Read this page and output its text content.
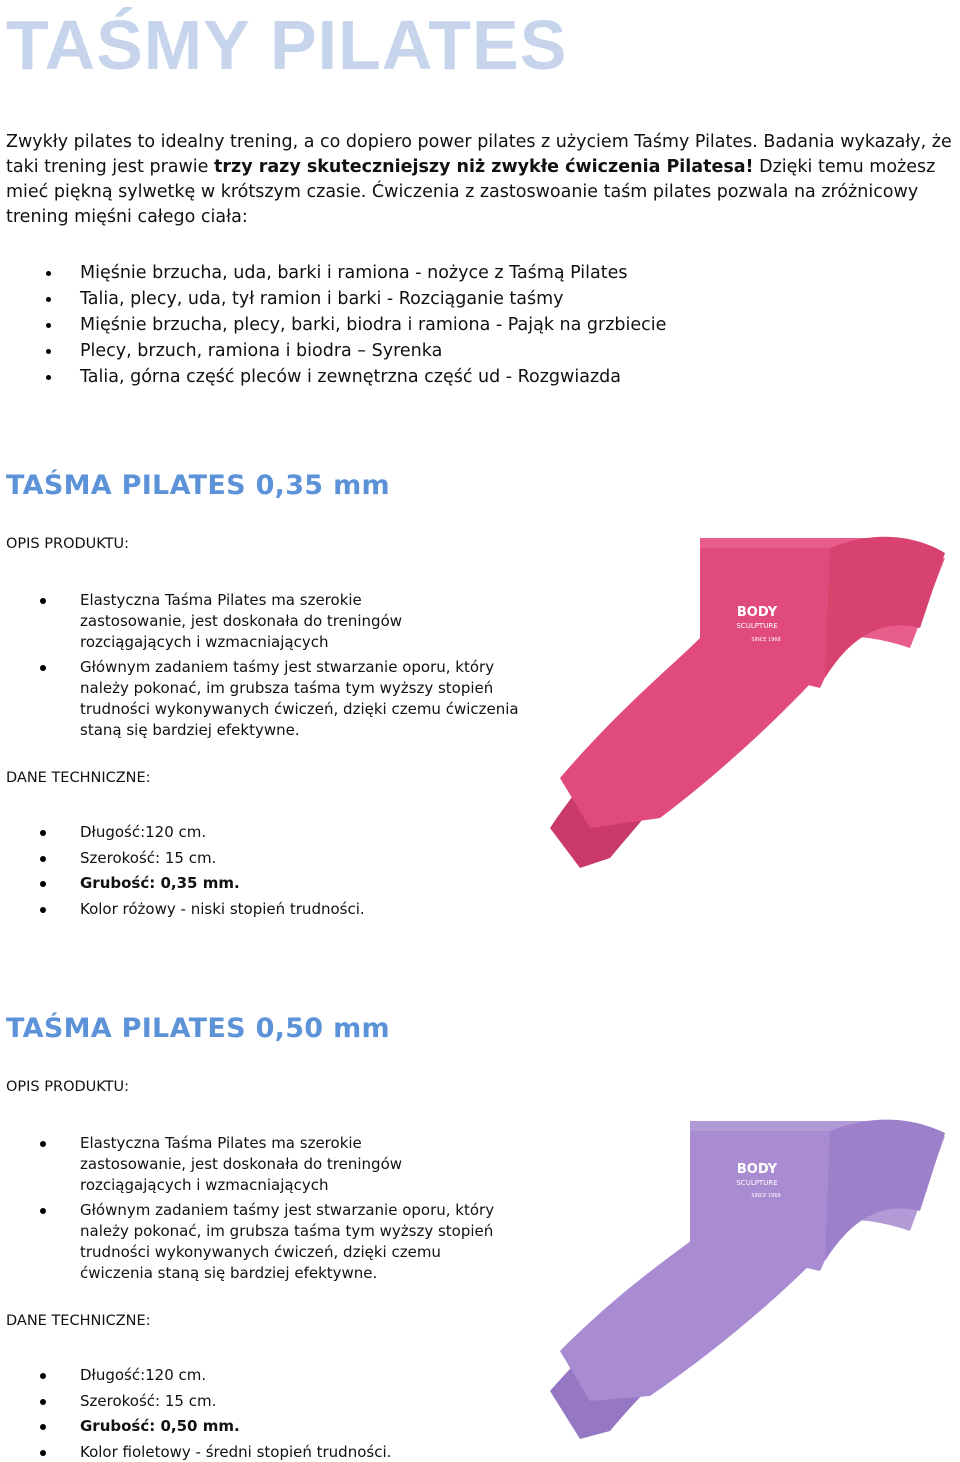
TAŚMY PILATES

Zwykły pilates to idealny trening, a co dopiero power pilates z użyciem Taśmy Pilates. Badania wykazały, że taki trening jest prawie trzy razy skuteczniejszy niż zwykłe ćwiczenia Pilatesa! Dzięki temu możesz mieć piękną sylwetkę w krótszym czasie. Ćwiczenia z zastoswoanie taśm pilates pozwala na zróżnicowy trening mięśni całego ciała:

Mięśnie brzucha, uda, barki i ramiona - nożyce z Taśmą Pilates
Talia, plecy, uda, tył ramion i barki - Rozciąganie taśmy
Mięśnie brzucha, plecy, barki, biodra i ramiona - Pająk na grzbiecie
Plecy, brzuch, ramiona i biodra – Syrenka
Talia, górna część pleców i zewnętrzna część ud - Rozgwiazda
TAŚMA PILATES 0,35 mm
OPIS PRODUKTU:
Elastyczna Taśma Pilates ma szerokie zastosowanie, jest doskonała do treningów rozciągających i wzmacniających
Głównym zadaniem taśmy jest stwarzanie oporu, który należy pokonać, im grubsza taśma tym wyższy stopień trudności wykonywanych ćwiczeń, dzięki czemu ćwiczenia staną się bardziej efektywne.
DANE TECHNICZNE:
Długość:120 cm.
Szerokość: 15 cm.
Grubość: 0,35 mm.
Kolor różowy - niski stopień trudności.
BODY
SCULPTURE
SINCE 1968
TAŚMA PILATES 0,50 mm
OPIS PRODUKTU:
Elastyczna Taśma Pilates ma szerokie zastosowanie, jest doskonała do treningów rozciągających i wzmacniających
Głównym zadaniem taśmy jest stwarzanie oporu, który należy pokonać, im grubsza taśma tym wyższy stopień trudności wykonywanych ćwiczeń, dzięki czemu ćwiczenia staną się bardziej efektywne.
DANE TECHNICZNE:
Długość:120 cm.
Szerokość: 15 cm.
Grubość: 0,50 mm.
Kolor fioletowy - średni stopień trudności.
BODY
SCULPTURE
SINCE 1968
